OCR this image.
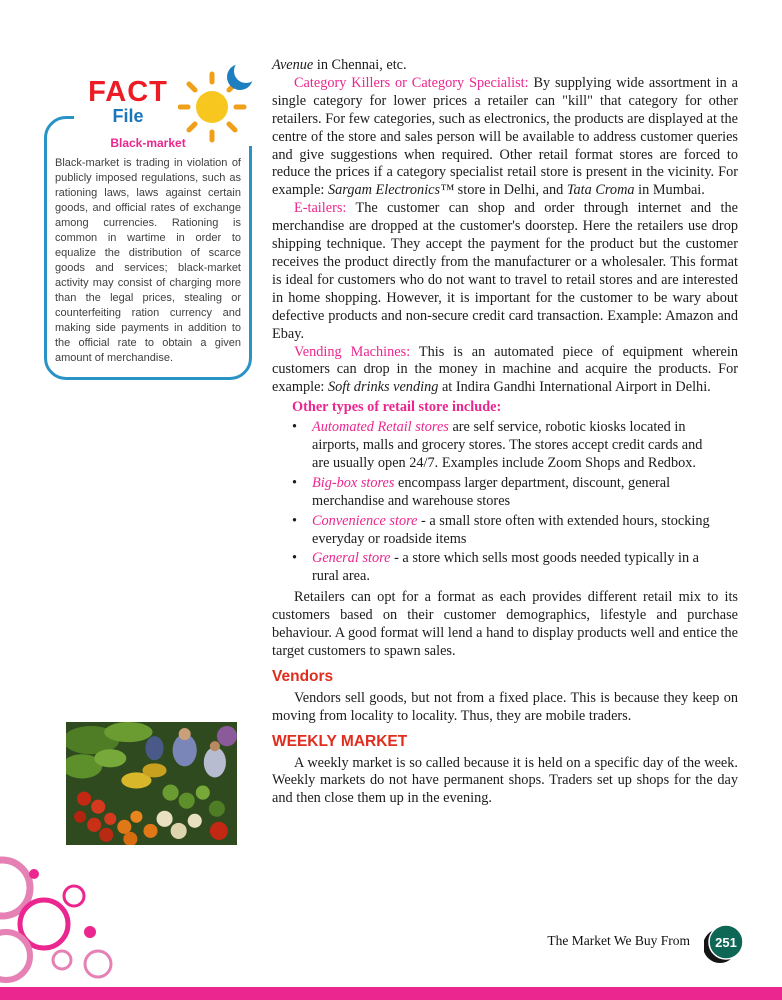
FACT
File
Black-market
Black-market is trading in violation of publicly imposed regulations, such as rationing laws, laws against certain goods, and official rates of exchange among currencies. Rationing is common in wartime in order to equalize the distribution of scarce goods and services; black-market activity may consist of charging more than the legal prices, stealing or counterfeiting ration currency and making side payments in addition to the official rate to obtain a given amount of merchandise.

Avenue in Chennai, etc.

Category Killers or Category Specialist: By supplying wide assortment in a single category for lower prices a retailer can "kill" that category for other retailers. For few categories, such as electronics, the products are displayed at the centre of the store and sales person will be available to address customer queries and give suggestions when required. Other retail format stores are forced to reduce the prices if a category specialist retail store is present in the vicinity. For example: Sargam Electronics™ store in Delhi, and Tata Croma in Mumbai.

E-tailers: The customer can shop and order through internet and the merchandise are dropped at the customer's doorstep. Here the retailers use drop shipping technique. They accept the payment for the product but the customer receives the product directly from the manufacturer or a wholesaler. This format is ideal for customers who do not want to travel to retail stores and are interested in home shopping. However, it is important for the customer to be wary about defective products and non-secure credit card transaction. Example: Amazon and Ebay.

Vending Machines: This is an automated piece of equipment wherein customers can drop in the money in machine and acquire the products. For example: Soft drinks vending at Indira Gandhi International Airport in Delhi.

Other types of retail store include:

• Automated Retail stores are self service, robotic kiosks located in airports, malls and grocery stores. The stores accept credit cards and are usually open 24/7. Examples include Zoom Shops and Redbox.
• Big-box stores encompass larger department, discount, general merchandise and warehouse stores
• Convenience store - a small store often with extended hours, stocking everyday or roadside items
• General store - a store which sells most goods needed typically in a rural area.

Retailers can opt for a format as each provides different retail mix to its customers based on their customer demographics, lifestyle and purchase behaviour. A good format will lend a hand to display products well and entice the target customers to spawn sales.

Vendors

Vendors sell goods, but not from a fixed place. This is because they keep on moving from locality to locality. Thus, they are mobile traders.

WEEKLY MARKET

A weekly market is so called because it is held on a specific day of the week. Weekly markets do not have permanent shops. Traders set up shops for the day and then close them up in the evening.

The Market We Buy From 251
